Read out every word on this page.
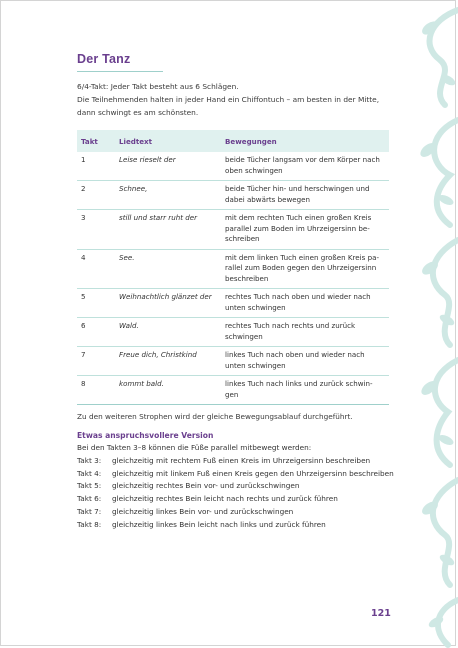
Der Tanz

6/4-Takt: Jeder Takt besteht aus 6 Schlägen.

Die Teilnehmenden halten in jeder Hand ein Chiffontuch – am besten in der Mitte, dann schwingt es am schönsten.

Takt	Liedtext	Bewegungen
1	Leise rieselt der	beide Tücher langsam vor dem Körper nach oben schwingen
2	Schnee,	beide Tücher hin- und herschwingen und dabei abwärts bewegen
3	still und starr ruht der	mit dem rechten Tuch einen großen Kreis parallel zum Boden im Uhrzeigersinn be-schreiben
4	See.	mit dem linken Tuch einen großen Kreis pa-rallel zum Boden gegen den Uhrzeigersinn beschreiben
5	Weihnachtlich glänzet der	rechtes Tuch nach oben und wieder nach unten schwingen
6	Wald.	rechtes Tuch nach rechts und zurück schwingen
7	Freue dich, Christkind	linkes Tuch nach oben und wieder nach unten schwingen
8	kommt bald.	linkes Tuch nach links und zurück schwin-gen

Zu den weiteren Strophen wird der gleiche Bewegungsablauf durchgeführt.

Etwas anspruchsvollere Version
Bei den Takten 3–8 können die Füße parallel mitbewegt werden:
Takt 3:	gleichzeitig mit rechtem Fuß einen Kreis im Uhrzeigersinn beschreiben
Takt 4:	gleichzeitig mit linkem Fuß einen Kreis gegen den Uhrzeigersinn beschreiben
Takt 5:	gleichzeitig rechtes Bein vor- und zurückschwingen
Takt 6:	gleichzeitig rechtes Bein leicht nach rechts und zurück führen
Takt 7:	gleichzeitig linkes Bein vor- und zurückschwingen
Takt 8:	gleichzeitig linkes Bein leicht nach links und zurück führen
121
